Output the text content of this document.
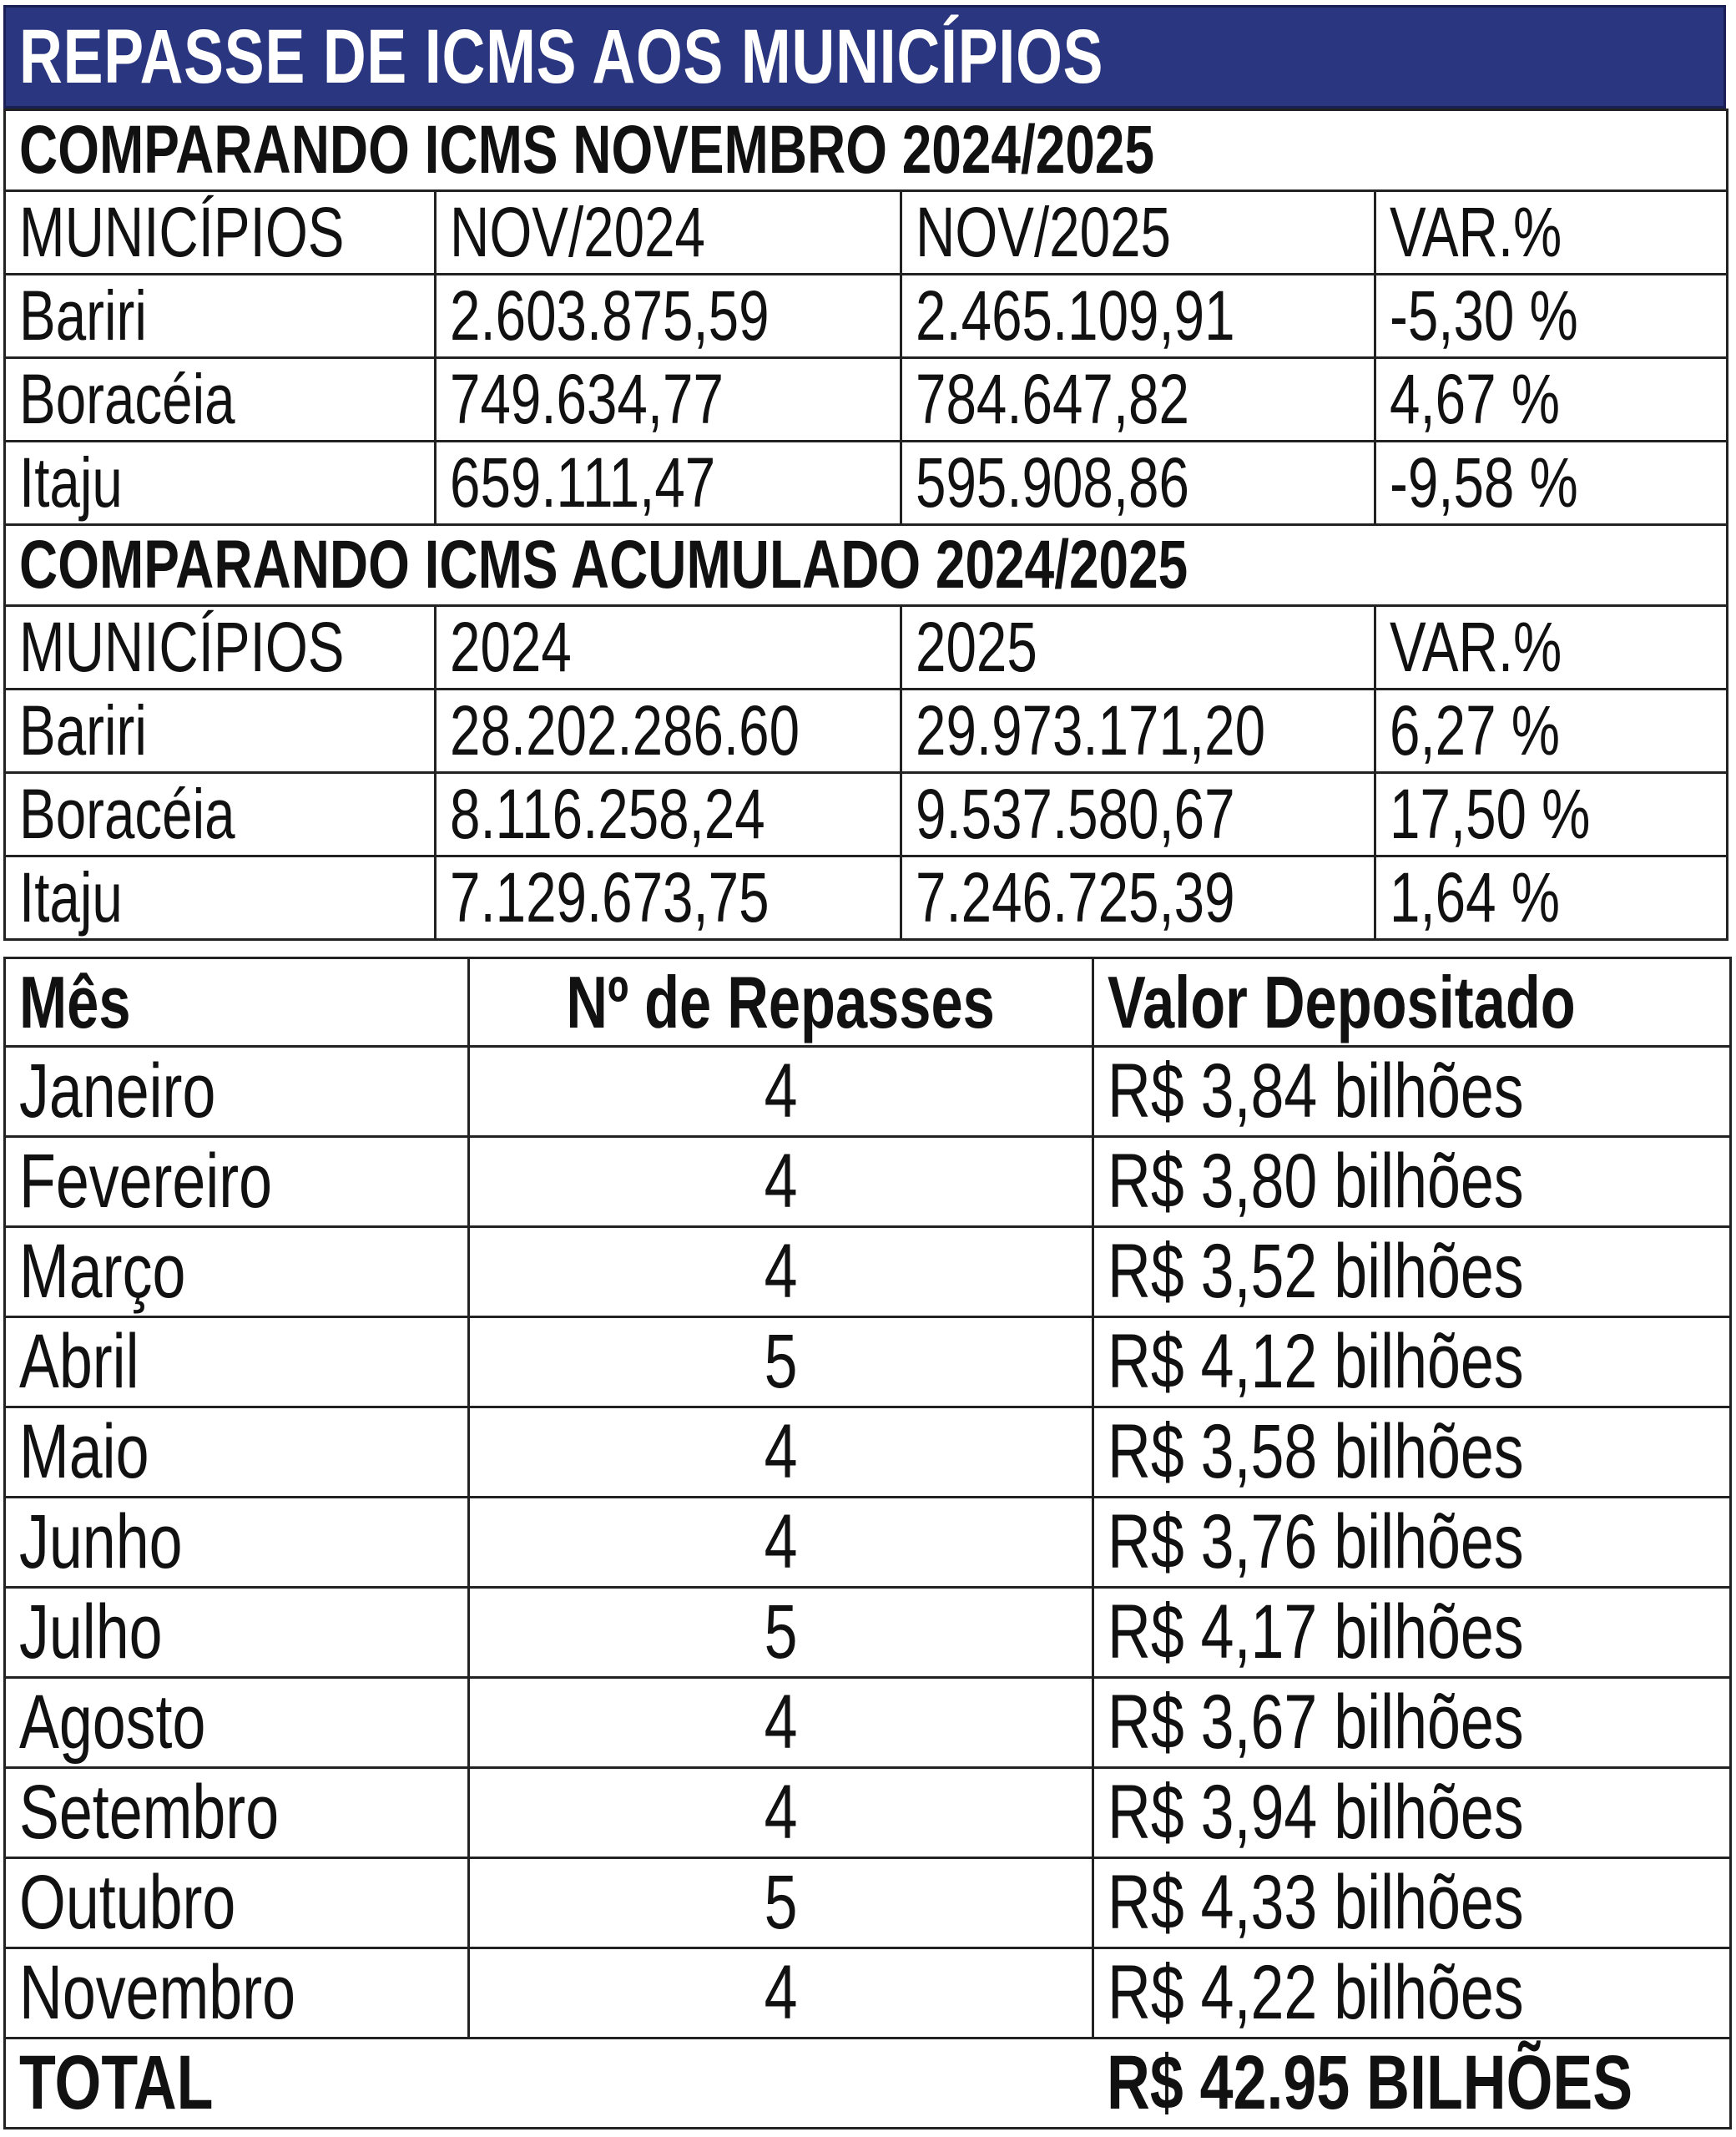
REPASSE DE ICMS AOS MUNICÍPIOS
COMPARANDO ICMS NOVEMBRO 2024/2025			
MUNICÍPIOS	NOV/2024	NOV/2025	VAR.%
Bariri	2.603.875,59	2.465.109,91	-5,30 %
Boracéia	749.634,77	784.647,82	4,67 %
Itaju	659.111,47	595.908,86	-9,58 %
COMPARANDO ICMS ACUMULADO 2024/2025			
MUNICÍPIOS	2024	2025	VAR.%
Bariri	28.202.286.60	29.973.171,20	6,27 %
Boracéia	8.116.258,24	9.537.580,67	17,50 %
Itaju	7.129.673,75	7.246.725,39	1,64 %
Mês	Nº de Repasses	Valor Depositado
Janeiro	4	R$ 3,84 bilhões
Fevereiro	4	R$ 3,80 bilhões
Março	4	R$ 3,52 bilhões
Abril	5	R$ 4,12 bilhões
Maio	4	R$ 3,58 bilhões
Junho	4	R$ 3,76 bilhões
Julho	5	R$ 4,17 bilhões
Agosto	4	R$ 3,67 bilhões
Setembro	4	R$ 3,94 bilhões
Outubro	5	R$ 4,33 bilhões
Novembro	4	R$ 4,22 bilhões
TOTAL		R$ 42.95 BILHÕES
